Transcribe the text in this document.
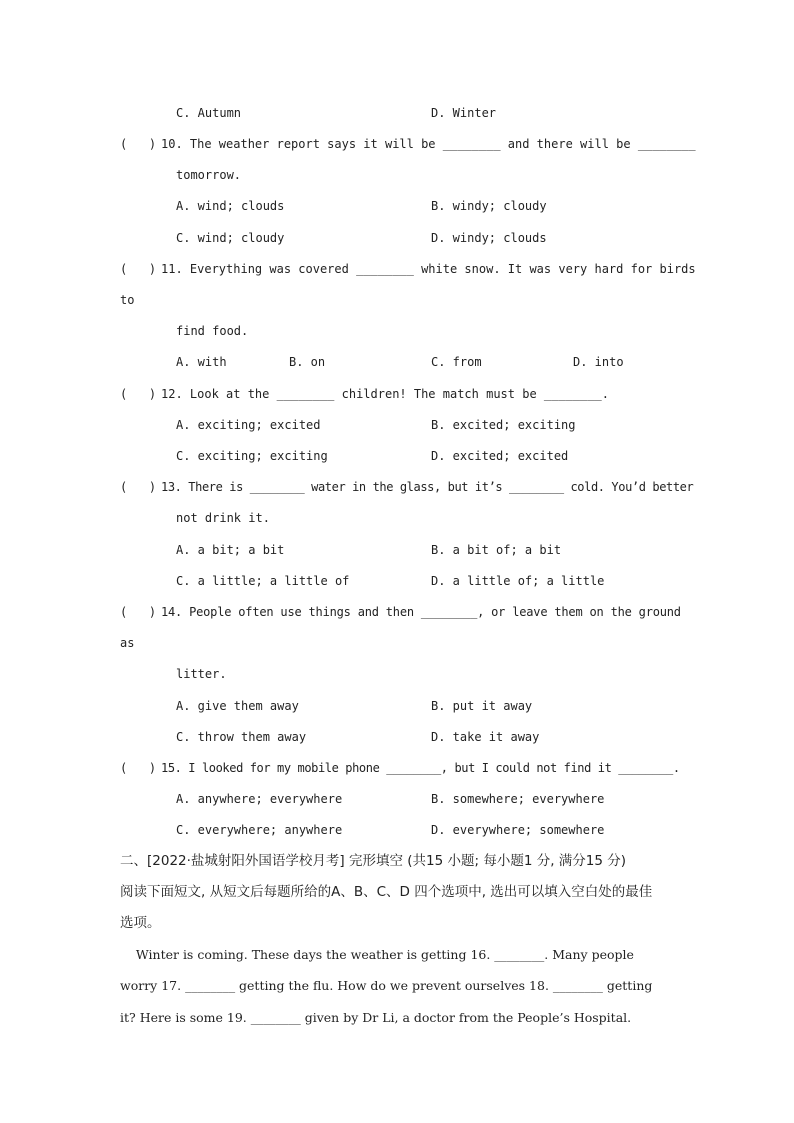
C. Autumn	D. Winter
(   ) 10. The weather report says it will be ________ and there will be ________
tomorrow.
A. wind; clouds	B. windy; cloudy
C. wind; cloudy	D. windy; clouds
(   ) 11. Everything was covered ________ white snow. It was very hard for birds
to
find food.
A. with	B. on	C. from	D. into
(   ) 12. Look at the ________ children! The match must be ________.
A. exciting; excited	B. excited; exciting
C. exciting; exciting	D. excited; excited
(   ) 13. There is ________ water in the glass, but it’s ________ cold. You’d better
not drink it.
A. a bit; a bit	B. a bit of; a bit
C. a little; a little of	D. a little of; a little
(   ) 14. People often use things and then ________, or leave them on the ground
as
litter.
A. give them away	B. put it away
C. throw them away	D. take it away
(   ) 15. I looked for my mobile phone ________, but I could not find it ________.
A. anywhere; everywhere	B. somewhere; everywhere
C. everywhere; anywhere	D. everywhere; somewhere
二、[2022·盐城射阳外国语学校月考] 完形填空 (共15 小题; 每小题1 分, 满分15 分)
阅读下面短文, 从短文后每题所给的A、B、C、D 四个选项中, 选出可以填入空白处的最佳
选项。
Winter is coming. These days the weather is getting 16. ________. Many people
worry 17. ________ getting the flu. How do we prevent ourselves 18. ________ getting
it? Here is some 19. ________ given by Dr Li, a doctor from the People’s Hospital.
